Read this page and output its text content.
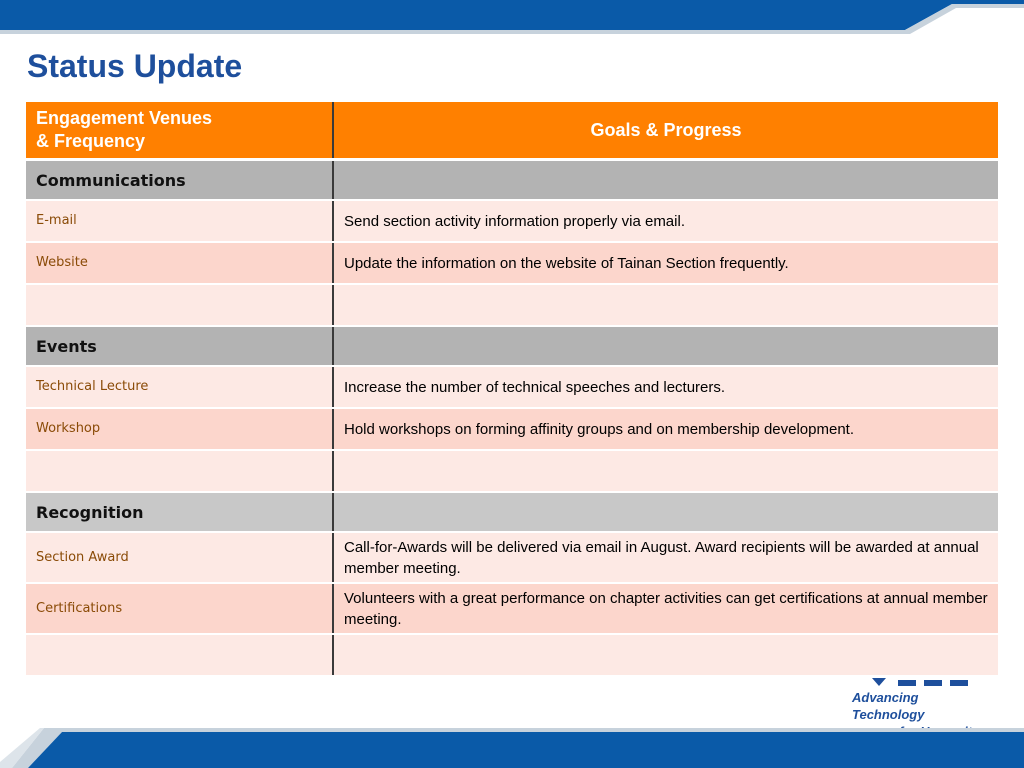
Status Update
Engagement Venues
& Frequency	Goals & Progress
Communications	
E-mail	Send section activity information properly via email.
Website	Update the information on the website of Tainan Section frequently.

Events	
Technical Lecture	Increase the number of technical speeches and lecturers.
Workshop	Hold workshops on forming affinity groups and on membership development.

Recognition	
Section Award	Call-for-Awards will be delivered via email in August. Award recipients will be awarded at annual member meeting.
Certifications	Volunteers with a great performance on chapter activities can get certifications at annual member meeting.

Advancing Technology
